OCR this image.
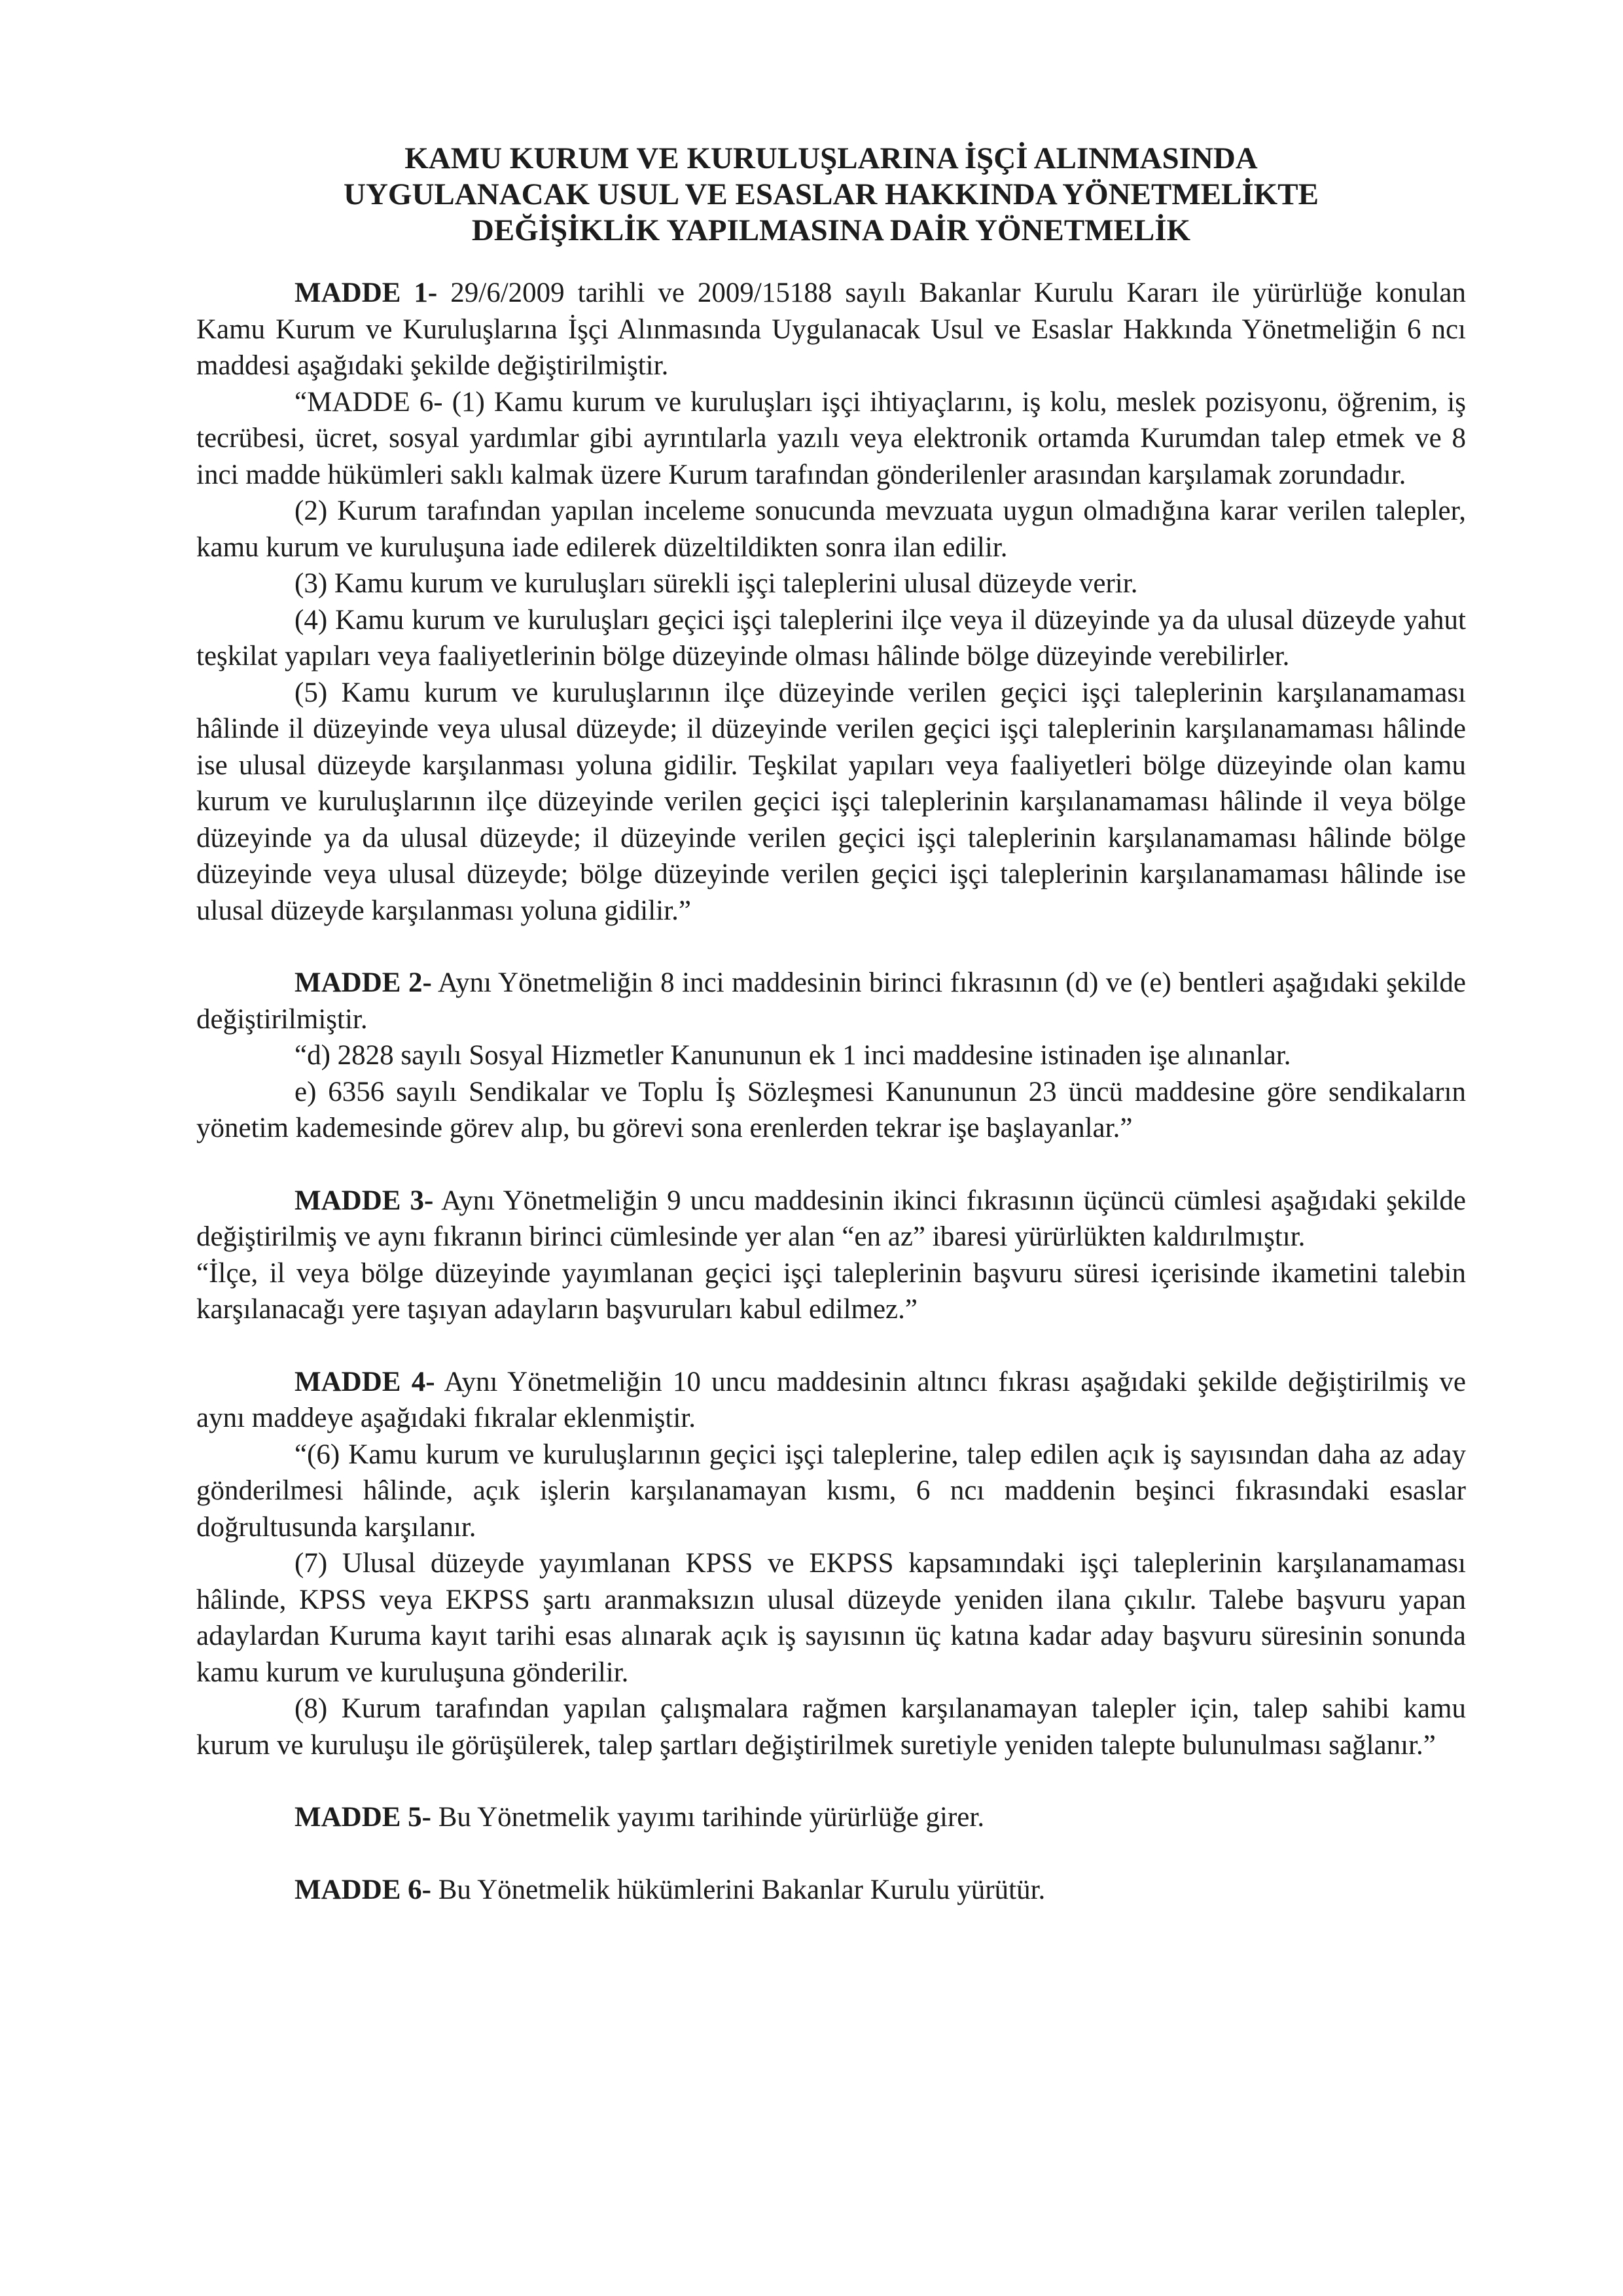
KAMU KURUM VE KURULUŞLARINA İŞÇİ ALINMASINDA
UYGULANACAK USUL VE ESASLAR HAKKINDA YÖNETMELİKTE
DEĞİŞİKLİK YAPILMASINA DAİR YÖNETMELİK

MADDE 1- 29/6/2009 tarihli ve 2009/15188 sayılı Bakanlar Kurulu Kararı ile yürürlüğe konulan Kamu Kurum ve Kuruluşlarına İşçi Alınmasında Uygulanacak Usul ve Esaslar Hakkında Yönetmeliğin 6 ncı maddesi aşağıdaki şekilde değiştirilmiştir.

“MADDE 6- (1) Kamu kurum ve kuruluşları işçi ihtiyaçlarını, iş kolu, meslek pozisyonu, öğrenim, iş tecrübesi, ücret, sosyal yardımlar gibi ayrıntılarla yazılı veya elektronik ortamda Kurumdan talep etmek ve 8 inci madde hükümleri saklı kalmak üzere Kurum tarafından gönderilenler arasından karşılamak zorundadır.

(2) Kurum tarafından yapılan inceleme sonucunda mevzuata uygun olmadığına karar verilen talepler, kamu kurum ve kuruluşuna iade edilerek düzeltildikten sonra ilan edilir.

(3) Kamu kurum ve kuruluşları sürekli işçi taleplerini ulusal düzeyde verir.

(4) Kamu kurum ve kuruluşları geçici işçi taleplerini ilçe veya il düzeyinde ya da ulusal düzeyde yahut teşkilat yapıları veya faaliyetlerinin bölge düzeyinde olması hâlinde bölge düzeyinde verebilirler.

(5) Kamu kurum ve kuruluşlarının ilçe düzeyinde verilen geçici işçi taleplerinin karşılanamaması hâlinde il düzeyinde veya ulusal düzeyde; il düzeyinde verilen geçici işçi taleplerinin karşılanamaması hâlinde ise ulusal düzeyde karşılanması yoluna gidilir. Teşkilat yapıları veya faaliyetleri bölge düzeyinde olan kamu kurum ve kuruluşlarının ilçe düzeyinde verilen geçici işçi taleplerinin karşılanamaması hâlinde il veya bölge düzeyinde ya da ulusal düzeyde; il düzeyinde verilen geçici işçi taleplerinin karşılanamaması hâlinde bölge düzeyinde veya ulusal düzeyde; bölge düzeyinde verilen geçici işçi taleplerinin karşılanamaması hâlinde ise ulusal düzeyde karşılanması yoluna gidilir.”

MADDE 2- Aynı Yönetmeliğin 8 inci maddesinin birinci fıkrasının (d) ve (e) bentleri aşağıdaki şekilde değiştirilmiştir.

“d) 2828 sayılı Sosyal Hizmetler Kanununun ek 1 inci maddesine istinaden işe alınanlar.

e) 6356 sayılı Sendikalar ve Toplu İş Sözleşmesi Kanununun 23 üncü maddesine göre sendikaların yönetim kademesinde görev alıp, bu görevi sona erenlerden tekrar işe başlayanlar.”

MADDE 3- Aynı Yönetmeliğin 9 uncu maddesinin ikinci fıkrasının üçüncü cümlesi aşağıdaki şekilde değiştirilmiş ve aynı fıkranın birinci cümlesinde yer alan “en az” ibaresi yürürlükten kaldırılmıştır.

“İlçe, il veya bölge düzeyinde yayımlanan geçici işçi taleplerinin başvuru süresi içerisinde ikametini talebin karşılanacağı yere taşıyan adayların başvuruları kabul edilmez.”

MADDE 4- Aynı Yönetmeliğin 10 uncu maddesinin altıncı fıkrası aşağıdaki şekilde değiştirilmiş ve aynı maddeye aşağıdaki fıkralar eklenmiştir.

“(6) Kamu kurum ve kuruluşlarının geçici işçi taleplerine, talep edilen açık iş sayısından daha az aday gönderilmesi hâlinde, açık işlerin karşılanamayan kısmı, 6 ncı maddenin beşinci fıkrasındaki esaslar doğrultusunda karşılanır.

(7) Ulusal düzeyde yayımlanan KPSS ve EKPSS kapsamındaki işçi taleplerinin karşılanamaması hâlinde, KPSS veya EKPSS şartı aranmaksızın ulusal düzeyde yeniden ilana çıkılır. Talebe başvuru yapan adaylardan Kuruma kayıt tarihi esas alınarak açık iş sayısının üç katına kadar aday başvuru süresinin sonunda kamu kurum ve kuruluşuna gönderilir.

(8) Kurum tarafından yapılan çalışmalara rağmen karşılanamayan talepler için, talep sahibi kamu kurum ve kuruluşu ile görüşülerek, talep şartları değiştirilmek suretiyle yeniden talepte bulunulması sağlanır.”

MADDE 5- Bu Yönetmelik yayımı tarihinde yürürlüğe girer.

MADDE 6- Bu Yönetmelik hükümlerini Bakanlar Kurulu yürütür.
